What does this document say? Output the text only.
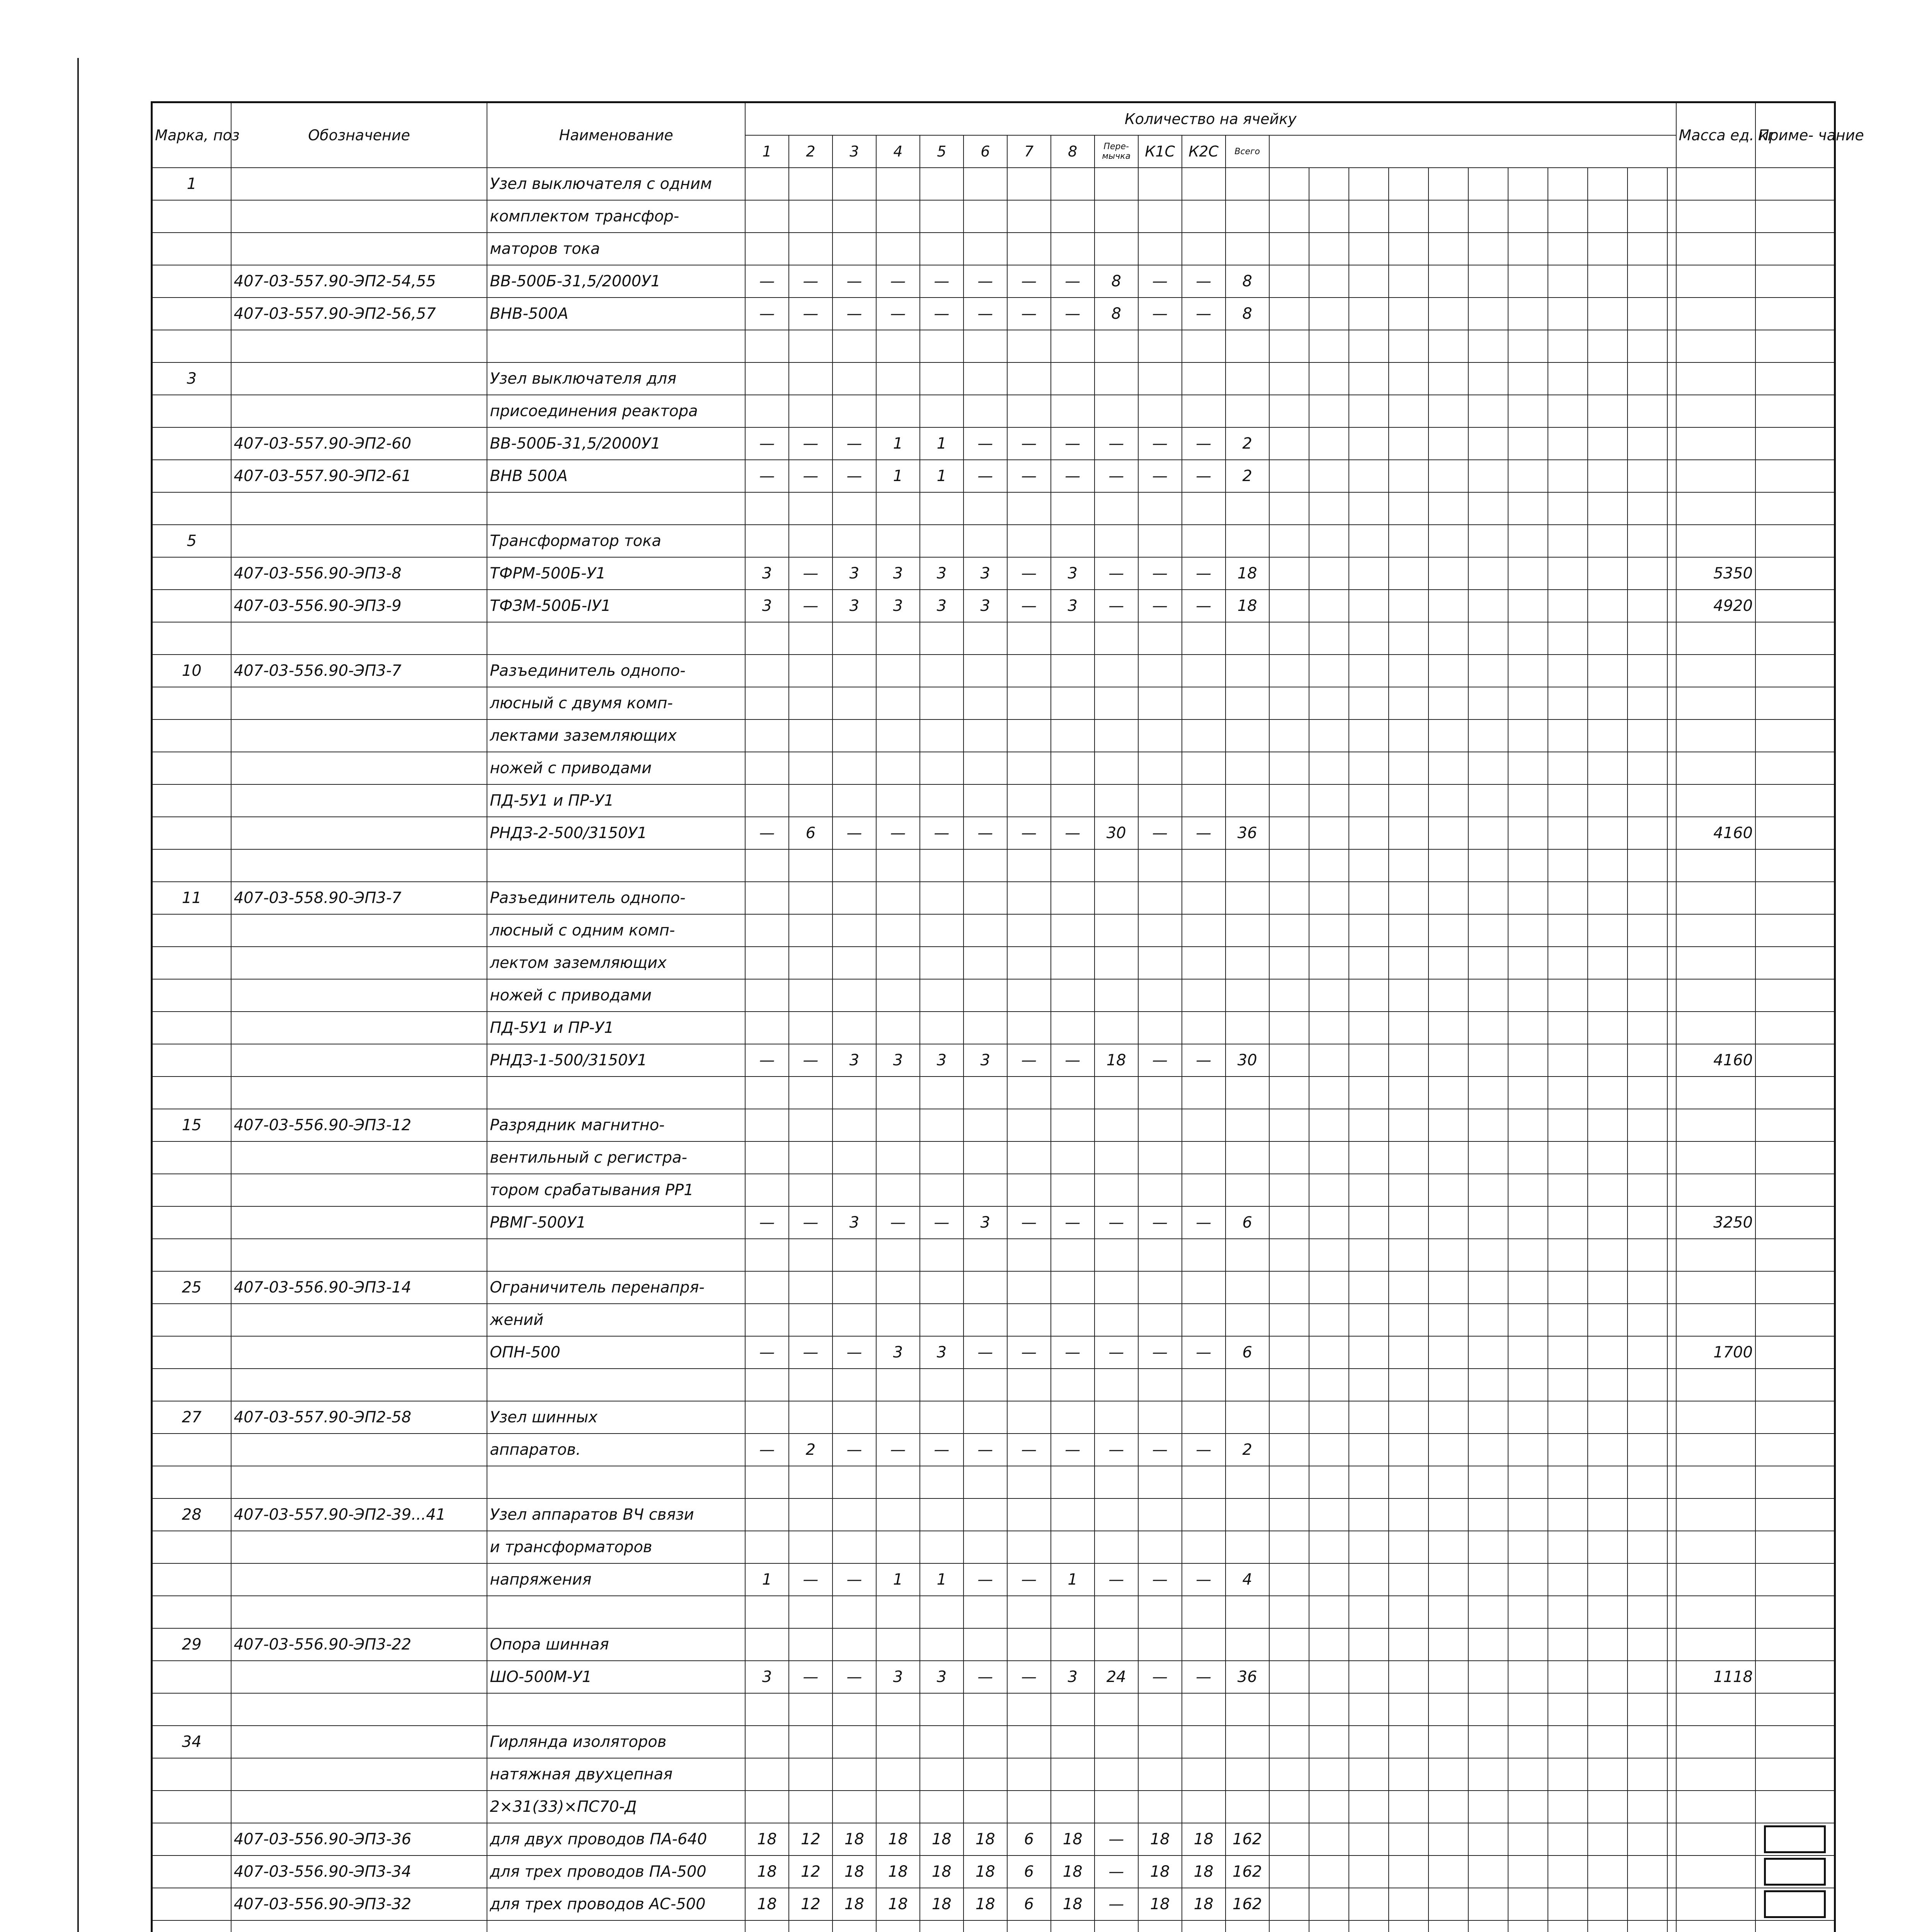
Марка, поз	Обозначение	Наименование	Количество на ячейку													Масса ед. кг	Приме- чание
			1	2	3	4	5	6	7	8	Пере- мычка	К1С	К2С	Всего			
1		Узел выключателя с одним															
		комплектом трансфор-															
		маторов тока															
	407-03-557.90-ЭП2-54,55	ВВ-500Б-31,5/2000У1	—	—	—	—	—	—	—	—	8	—	—	8			
	407-03-557.90-ЭП2-56,57	ВНВ-500А	—	—	—	—	—	—	—	—	8	—	—	8			

3		Узел выключателя для															
		присоединения реактора															
	407-03-557.90-ЭП2-60	ВВ-500Б-31,5/2000У1	—	—	—	1	1	—	—	—	—	—	—	2			
	407-03-557.90-ЭП2-61	ВНВ 500А	—	—	—	1	1	—	—	—	—	—	—	2			

5		Трансформатор тока															
	407-03-556.90-ЭП3-8	ТФРМ-500Б-У1	3	—	3	3	3	3	—	3	—	—	—	18		5350	
	407-03-556.90-ЭП3-9	ТФЗМ-500Б-IУ1	3	—	3	3	3	3	—	3	—	—	—	18		4920	

10	407-03-556.90-ЭП3-7	Разъединитель однопо-															
		люсный с двумя комп-															
		лектами заземляющих															
		ножей с приводами															
		ПД-5У1 и ПР-У1															
		РНДЗ-2-500/3150У1	—	6	—	—	—	—	—	—	30	—	—	36		4160	

11	407-03-558.90-ЭП3-7	Разъединитель однопо-															
		люсный с одним комп-															
		лектом заземляющих															
		ножей с приводами															
		ПД-5У1 и ПР-У1															
		РНДЗ-1-500/3150У1	—	—	3	3	3	3	—	—	18	—	—	30		4160	

15	407-03-556.90-ЭП3-12	Разрядник магнитно-															
		вентильный с регистра-															
		тором срабатывания РР1															
		РВМГ-500У1	—	—	3	—	—	3	—	—	—	—	—	6		3250	

25	407-03-556.90-ЭП3-14	Ограничитель перенапря-															
		жений															
		ОПН-500	—	—	—	3	3	—	—	—	—	—	—	6		1700	

27	407-03-557.90-ЭП2-58	Узел шинных															
		аппаратов.	—	2	—	—	—	—	—	—	—	—	—	2			

28	407-03-557.90-ЭП2-39...41	Узел аппаратов ВЧ связи															
		и трансформаторов															
		напряжения	1	—	—	1	1	—	—	1	—	—	—	4			

29	407-03-556.90-ЭП3-22	Опора шинная															
		ШО-500М-У1	3	—	—	3	3	—	—	3	24	—	—	36		1118	

34		Гирлянда изоляторов															
		натяжная двухцепная															
		2×31(33)×ПС70-Д															
	407-03-556.90-ЭП3-36	для двух проводов ПА-640	18	12	18	18	18	18	6	18	—	18	18	162			
	407-03-556.90-ЭП3-34	для трех проводов ПА-500	18	12	18	18	18	18	6	18	—	18	18	162			
	407-03-556.90-ЭП3-32	для трех проводов АС-500	18	12	18	18	18	18	6	18	—	18	18	162			
